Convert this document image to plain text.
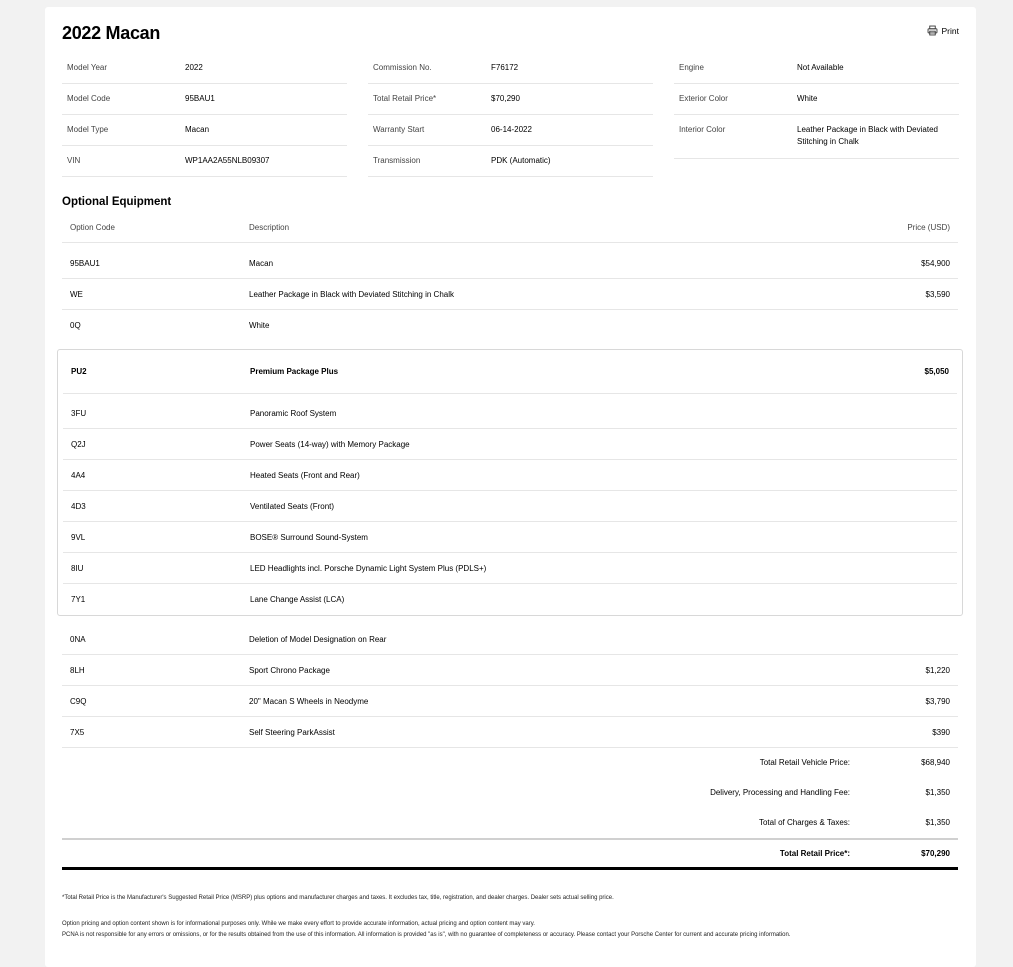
2022 Macan	Print
Model Year	2022
Model Code	95BAU1
Model Type	Macan
VIN	WP1AA2A55NLB09307
Commission No.	F76172
Total Retail Price*	$70,290
Warranty Start	06-14-2022
Transmission	PDK (Automatic)
Engine	Not Available
Exterior Color	White
Interior Color	Leather Package in Black with Deviated Stitching in Chalk
Optional Equipment
Option Code	Description	Price (USD)
95BAU1	Macan	$54,900
WE	Leather Package in Black with Deviated Stitching in Chalk	$3,590
0Q	White
PU2	Premium Package Plus	$5,050
3FU	Panoramic Roof System
Q2J	Power Seats (14-way) with Memory Package
4A4	Heated Seats (Front and Rear)
4D3	Ventilated Seats (Front)
9VL	BOSE® Surround Sound-System
8IU	LED Headlights incl. Porsche Dynamic Light System Plus (PDLS+)
7Y1	Lane Change Assist (LCA)
0NA	Deletion of Model Designation on Rear
8LH	Sport Chrono Package	$1,220
C9Q	20" Macan S Wheels in Neodyme	$3,790
7X5	Self Steering ParkAssist	$390
Total Retail Vehicle Price:	$68,940
Delivery, Processing and Handling Fee:	$1,350
Total of Charges & Taxes:	$1,350
Total Retail Price*:	$70,290

*Total Retail Price is the Manufacturer's Suggested Retail Price (MSRP) plus options and manufacturer charges and taxes. It excludes tax, title, registration, and dealer charges. Dealer sets actual selling price.

Option pricing and option content shown is for informational purposes only. While we make every effort to provide accurate information, actual pricing and option content may vary.
PCNA is not responsible for any errors or omissions, or for the results obtained from the use of this information. All information is provided "as is", with no guarantee of completeness or accuracy. Please contact your Porsche Center for current and accurate pricing information.
